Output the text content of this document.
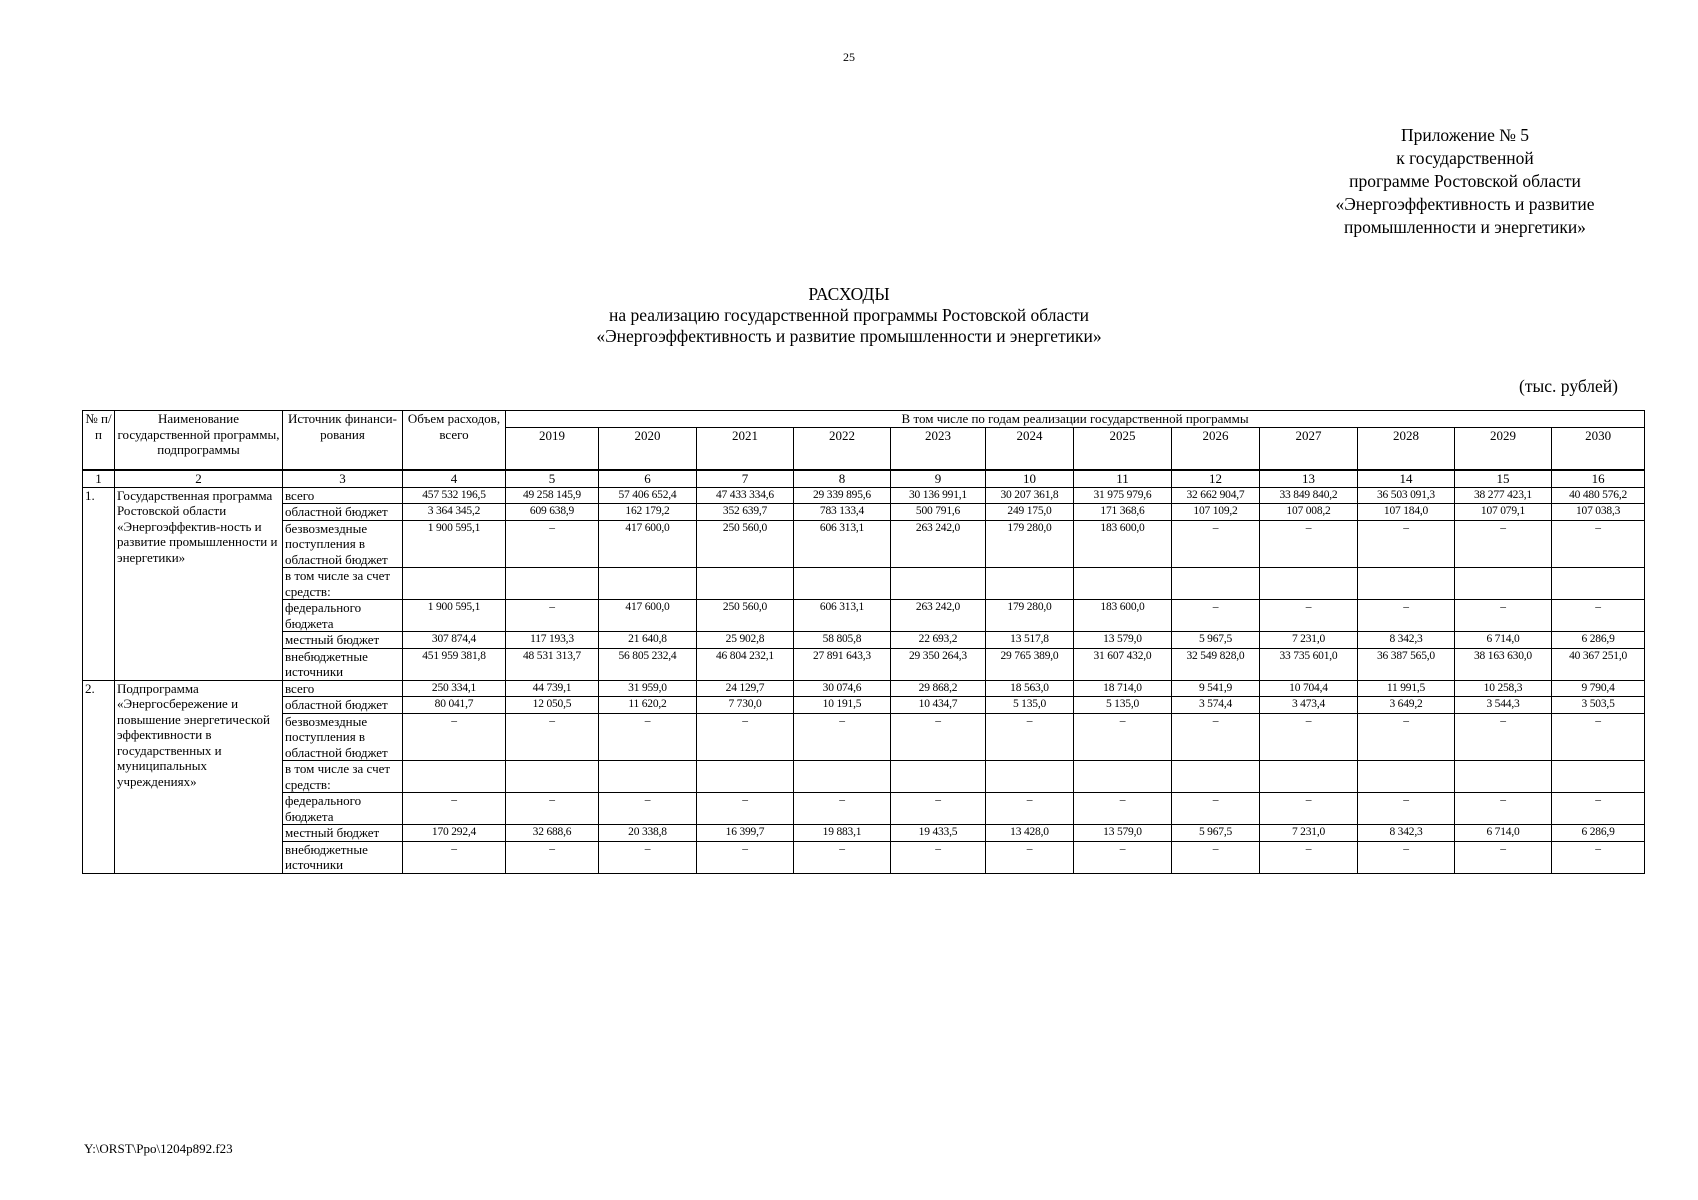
25
Приложение № 5
к государственной
программе Ростовской области
«Энергоэффективность и развитие
промышленности и энергетики»
РАСХОДЫ
на реализацию государственной программы Ростовской области
«Энергоэффективность и развитие промышленности и энергетики»
(тыс. рублей)
№ п/п	Наименование государственной программы, подпрограммы	Источник финанси-рования	Объем расходов, всего	В том числе по годам реализации государственной программы											
				2019	2020	2021	2022	2023	2024	2025	2026	2027	2028	2029	2030
1	2	3	4	5	6	7	8	9	10	11	12	13	14	15	16
1.	Государственная программа Ростовской области «Энергоэффектив-ность и развитие промышленности и энергетики»	всего	457 532 196,5	49 258 145,9	57 406 652,4	47 433 334,6	29 339 895,6	30 136 991,1	30 207 361,8	31 975 979,6	32 662 904,7	33 849 840,2	36 503 091,3	38 277 423,1	40 480 576,2
		областной бюджет	3 364 345,2	609 638,9	162 179,2	352 639,7	783 133,4	500 791,6	249 175,0	171 368,6	107 109,2	107 008,2	107 184,0	107 079,1	107 038,3
		безвозмездные поступления в областной бюджет	1 900 595,1	–	417 600,0	250 560,0	606 313,1	263 242,0	179 280,0	183 600,0	–	–	–	–	–
		в том числе за счет средств:													
		федерального бюджета	1 900 595,1	–	417 600,0	250 560,0	606 313,1	263 242,0	179 280,0	183 600,0	–	–	–	–	–
		местный бюджет	307 874,4	117 193,3	21 640,8	25 902,8	58 805,8	22 693,2	13 517,8	13 579,0	5 967,5	7 231,0	8 342,3	6 714,0	6 286,9
		внебюджетные источники	451 959 381,8	48 531 313,7	56 805 232,4	46 804 232,1	27 891 643,3	29 350 264,3	29 765 389,0	31 607 432,0	32 549 828,0	33 735 601,0	36 387 565,0	38 163 630,0	40 367 251,0
2.	Подпрограмма «Энергосбережение и повышение энергетической эффективности в государственных и муниципальных учреждениях»	всего	250 334,1	44 739,1	31 959,0	24 129,7	30 074,6	29 868,2	18 563,0	18 714,0	9 541,9	10 704,4	11 991,5	10 258,3	9 790,4
		областной бюджет	80 041,7	12 050,5	11 620,2	7 730,0	10 191,5	10 434,7	5 135,0	5 135,0	3 574,4	3 473,4	3 649,2	3 544,3	3 503,5
		безвозмездные поступления в областной бюджет	–	–	–	–	–	–	–	–	–	–	–	–	–
		в том числе за счет средств:													
		федерального бюджета	–	–	–	–	–	–	–	–	–	–	–	–	–
		местный бюджет	170 292,4	32 688,6	20 338,8	16 399,7	19 883,1	19 433,5	13 428,0	13 579,0	5 967,5	7 231,0	8 342,3	6 714,0	6 286,9
		внебюджетные источники	–	–	–	–	–	–	–	–	–	–	–	–	–
Y:\ORST\Ppo\1204p892.f23
